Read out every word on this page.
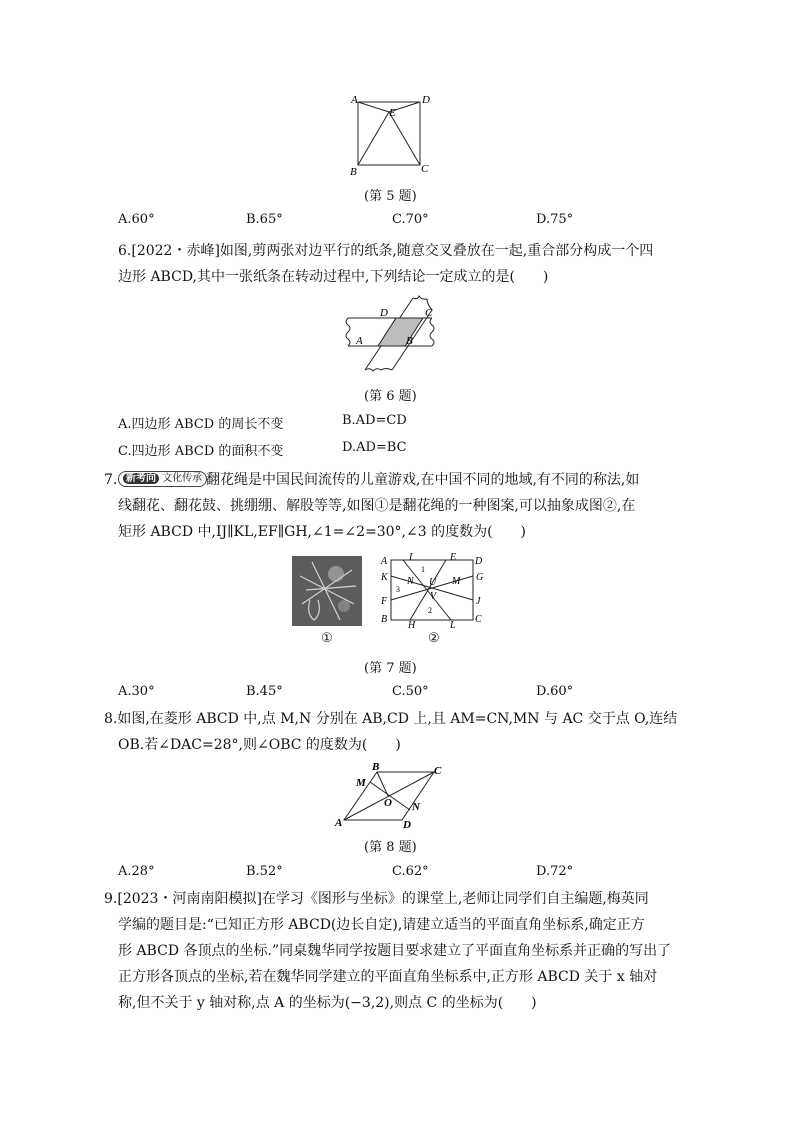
A	D
E
B	C
(第 5 题)
A.60°	B.65°	C.70°	D.75°
6.[2022・赤峰]如图,剪两张对边平行的纸条,随意交叉叠放在一起,重合部分构成一个四
边形 ABCD,其中一张纸条在转动过程中,下列结论一定成立的是(　　)
D	C
A	B
(第 6 题)
A.四边形 ABCD 的周长不变	B.AD=CD
C.四边形 ABCD 的面积不变	D.AD=BC
7. 新考向 文化传承 翻花绳是中国民间流传的儿童游戏,在中国不同的地域,有不同的称法,如
线翻花、翻花鼓、挑绷绷、解股等等,如图①是翻花绳的一种图案,可以抽象成图②,在
矩形 ABCD 中,IJ∥KL,EF∥GH,∠1=∠2=30°,∠3 的度数为(　　)
①
A I	E D
K	G
N U M
F	J
V
B
H	L
C
1
2
3
②
(第 7 题)
A.30°	B.45°	C.50°	D.60°
8.如图,在菱形 ABCD 中,点 M,N 分别在 AB,CD 上,且 AM=CN,MN 与 AC 交于点 O,连结
OB.若∠DAC=28°,则∠OBC 的度数为(　　)
B	C
M
O N
A	D
(第 8 题)
A.28°	B.52°	C.62°	D.72°
9.[2023・河南南阳模拟]在学习《图形与坐标》的课堂上,老师让同学们自主编题,梅英同
学编的题目是:“已知正方形 ABCD(边长自定),请建立适当的平面直角坐标系,确定正方
形 ABCD 各顶点的坐标.”同桌魏华同学按题目要求建立了平面直角坐标系并正确的写出了
正方形各顶点的坐标,若在魏华同学建立的平面直角坐标系中,正方形 ABCD 关于 x 轴对
称,但不关于 y 轴对称,点 A 的坐标为(−3,2),则点 C 的坐标为(　　)
